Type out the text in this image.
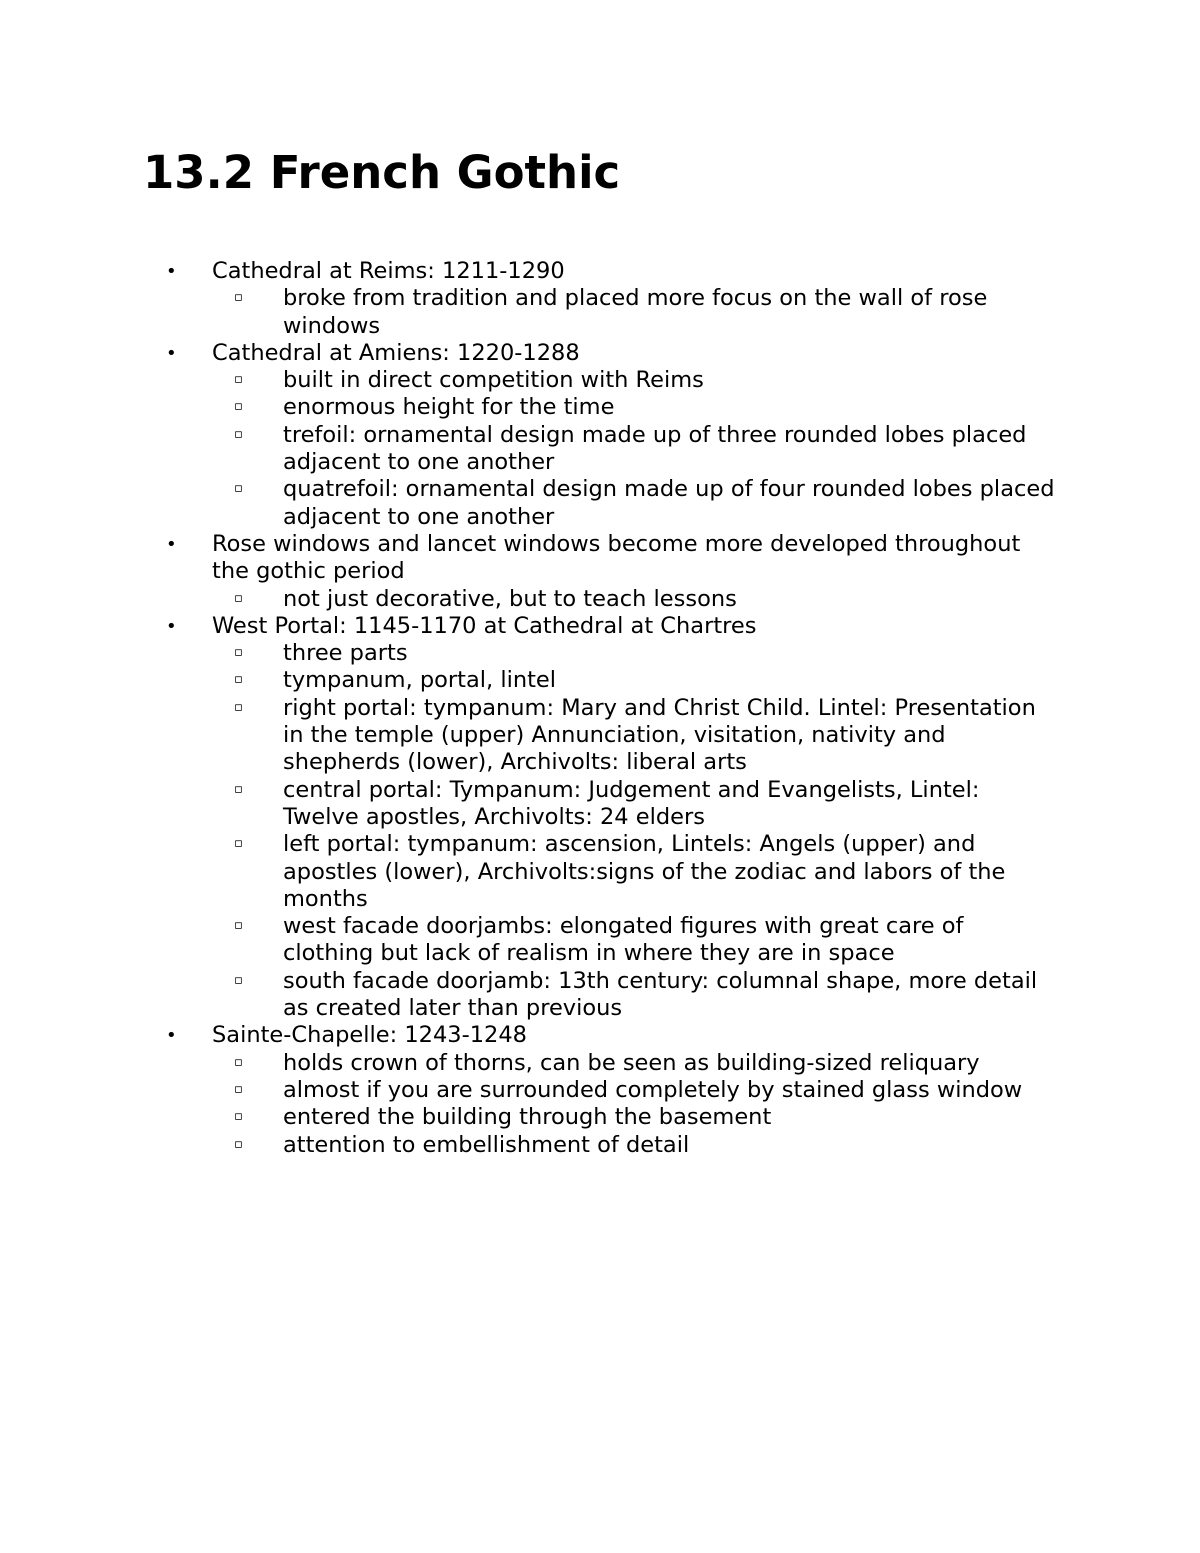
13.2 French Gothic
•	Cathedral at Reims: 1211-1290
▫ broke from tradition and placed more focus on the wall of rose windows
•	Cathedral at Amiens: 1220-1288
▫ built in direct competition with Reims
▫ enormous height for the time
▫ trefoil: ornamental design made up of three rounded lobes placed adjacent to one another
▫ quatrefoil: ornamental design made up of four rounded lobes placed adjacent to one another
•	Rose windows and lancet windows become more developed throughout the gothic period
▫ not just decorative, but to teach lessons
•	West Portal: 1145-1170 at Cathedral at Chartres
▫ three parts
▫ tympanum, portal, lintel
▫ right portal: tympanum: Mary and Christ Child. Lintel: Presentation in the temple (upper) Annunciation, visitation, nativity and shepherds (lower), Archivolts: liberal arts
▫ central portal: Tympanum: Judgement and Evangelists, Lintel: Twelve apostles, Archivolts: 24 elders
▫ left portal: tympanum: ascension, Lintels: Angels (upper) and apostles (lower), Archivolts:signs of the zodiac and labors of the months
▫ west facade doorjambs: elongated figures with great care of clothing but lack of realism in where they are in space
▫ south facade doorjamb: 13th century: columnal shape, more detail as created later than previous
•	Sainte-Chapelle: 1243-1248
▫ holds crown of thorns, can be seen as building-sized reliquary
▫ almost if you are surrounded completely by stained glass window
▫ entered the building through the basement
▫ attention to embellishment of detail
